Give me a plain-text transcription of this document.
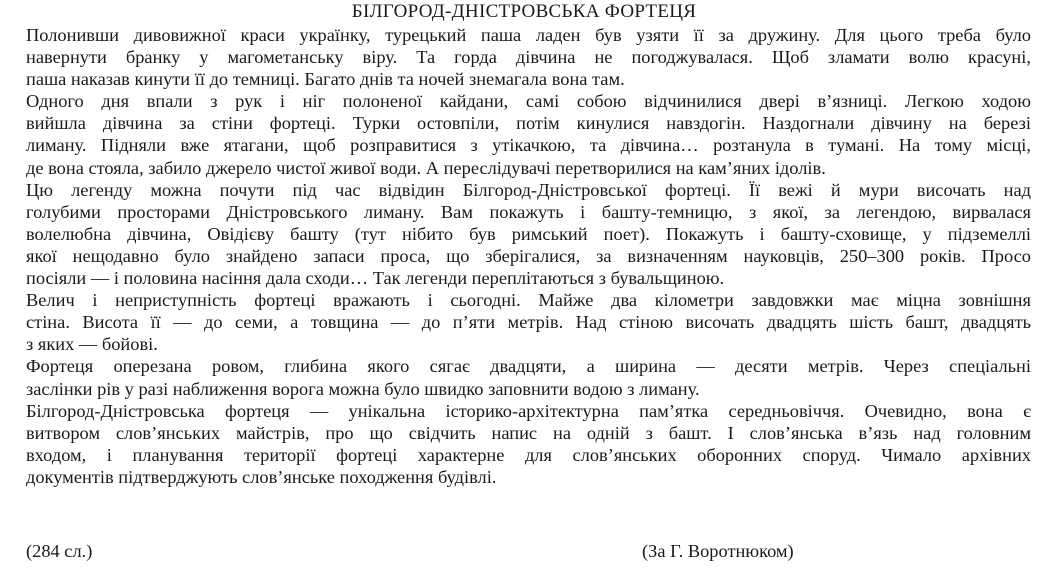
БІЛГОРОД-ДНІСТРОВСЬКА ФОРТЕЦЯ

Полонивши дивовижної краси українку, турецький паша ладен був узяти її за дружину. Для цього треба було
навернути бранку у магометанську віру. Та горда дівчина не погоджувалася. Щоб зламати волю красуні,
паша наказав кинути її до темниці. Багато днів та ночей знемагала вона там.

Одного дня впали з рук і ніг полоненої кайдани, самі собою відчинилися двері в’язниці. Легкою ходою
вийшла дівчина за стіни фортеці. Турки остовпіли, потім кинулися навздогін. Наздогнали дівчину на березі
лиману. Підняли вже ятагани, щоб розправитися з утікачкою, та дівчина… розтанула в тумані. На тому місці,
де вона стояла, забило джерело чистої живої води. А переслідувачі перетворилися на кам’яних ідолів.

Цю легенду можна почути під час відвідин Білгород-Дністровської фортеці. Її вежі й мури височать над
голубими просторами Дністровського лиману. Вам покажуть і баштy-темницю, з якої, за легендою, вирвалася
волелюбна дівчина, Овідієву башту (тут нібито був римський поет). Покажуть і башту-сховище, у підземеллі
якої нещодавно було знайдено запаси проса, що зберігалися, за визначенням науковців, 250–300 років. Просо
посіяли — і половина насіння дала сходи… Так легенди переплітаються з бувальщиною.

Велич і неприступність фортеці вражають і сьогодні. Майже два кілометри завдовжки має міцна зовнішня
стіна. Висота її — до семи, а товщина — до п’яти метрів. Над стіною височать двадцять шість башт, двадцять
з яких — бойові.

Фортеця оперезана ровом, глибина якого сягає двадцяти, а ширина — десяти метрів. Через спеціальні
заслінки рів у разі наближення ворога можна було швидко заповнити водою з лиману.

Білгород-Дністровська фортеця — унікальна історико-архітектурна пам’ятка середньовіччя. Очевидно, вона є
витвором слов’янських майстрів, про що свідчить напис на одній з башт. І слов’янська в’язь над головним
входом, і планування території фортеці характерне для слов’янських оборонних споруд. Чимало архівних
документів підтверджують слов’янське походження будівлі.

(284 сл.)	(За Г. Воротнюком)
